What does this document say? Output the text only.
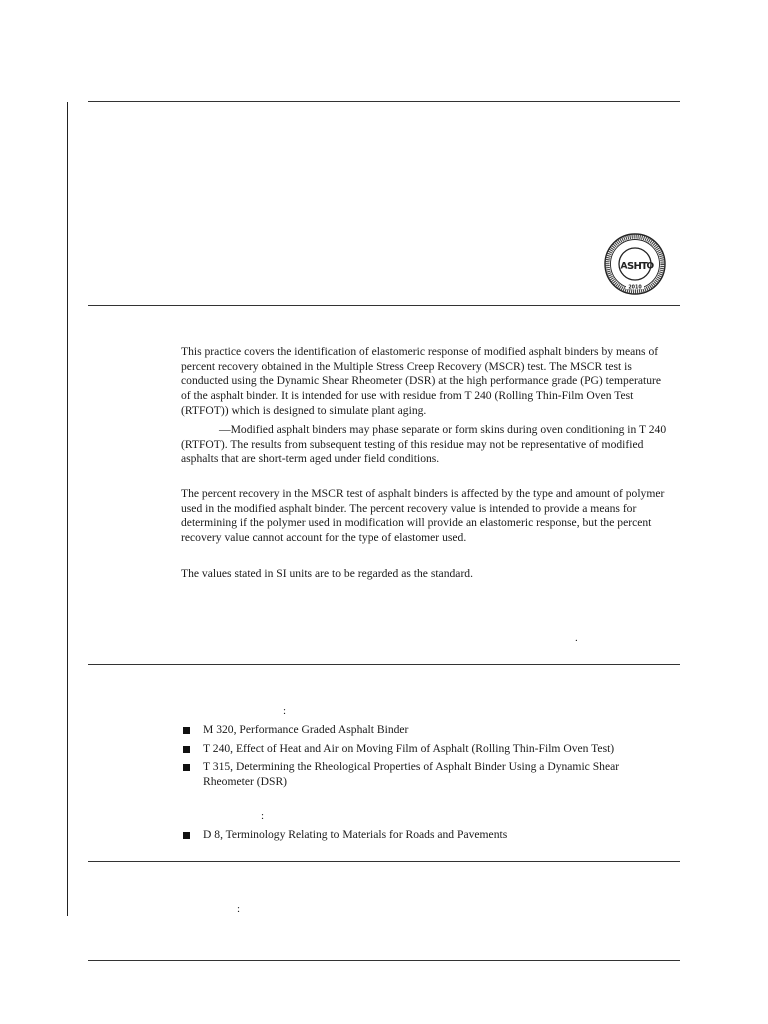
A S H T
O
2010

This practice covers the identification of elastomeric response of modified asphalt binders by means of percent recovery obtained in the Multiple Stress Creep Recovery (MSCR) test. The MSCR test is conducted using the Dynamic Shear Rheometer (DSR) at the high performance grade (PG) temperature of the asphalt binder. It is intended for use with residue from T 240 (Rolling Thin-Film Oven Test (RTFOT)) which is designed to simulate plant aging.

—Modified asphalt binders may phase separate or form skins during oven conditioning in T 240 (RTFOT). The results from subsequent testing of this residue may not be representative of modified asphalts that are short-term aged under field conditions.

The percent recovery in the MSCR test of asphalt binders is affected by the type and amount of polymer used in the modified asphalt binder. The percent recovery value is intended to provide a means for determining if the polymer used in modification will provide an elastomeric response, but the percent recovery value cannot account for the type of elastomer used.

The values stated in SI units are to be regarded as the standard.

.
:
M 320, Performance Graded Asphalt Binder
T 240, Effect of Heat and Air on Moving Film of Asphalt (Rolling Thin-Film Oven Test)
T 315, Determining the Rheological Properties of Asphalt Binder Using a Dynamic Shear Rheometer (DSR)
:
D 8, Terminology Relating to Materials for Roads and Pavements
:
